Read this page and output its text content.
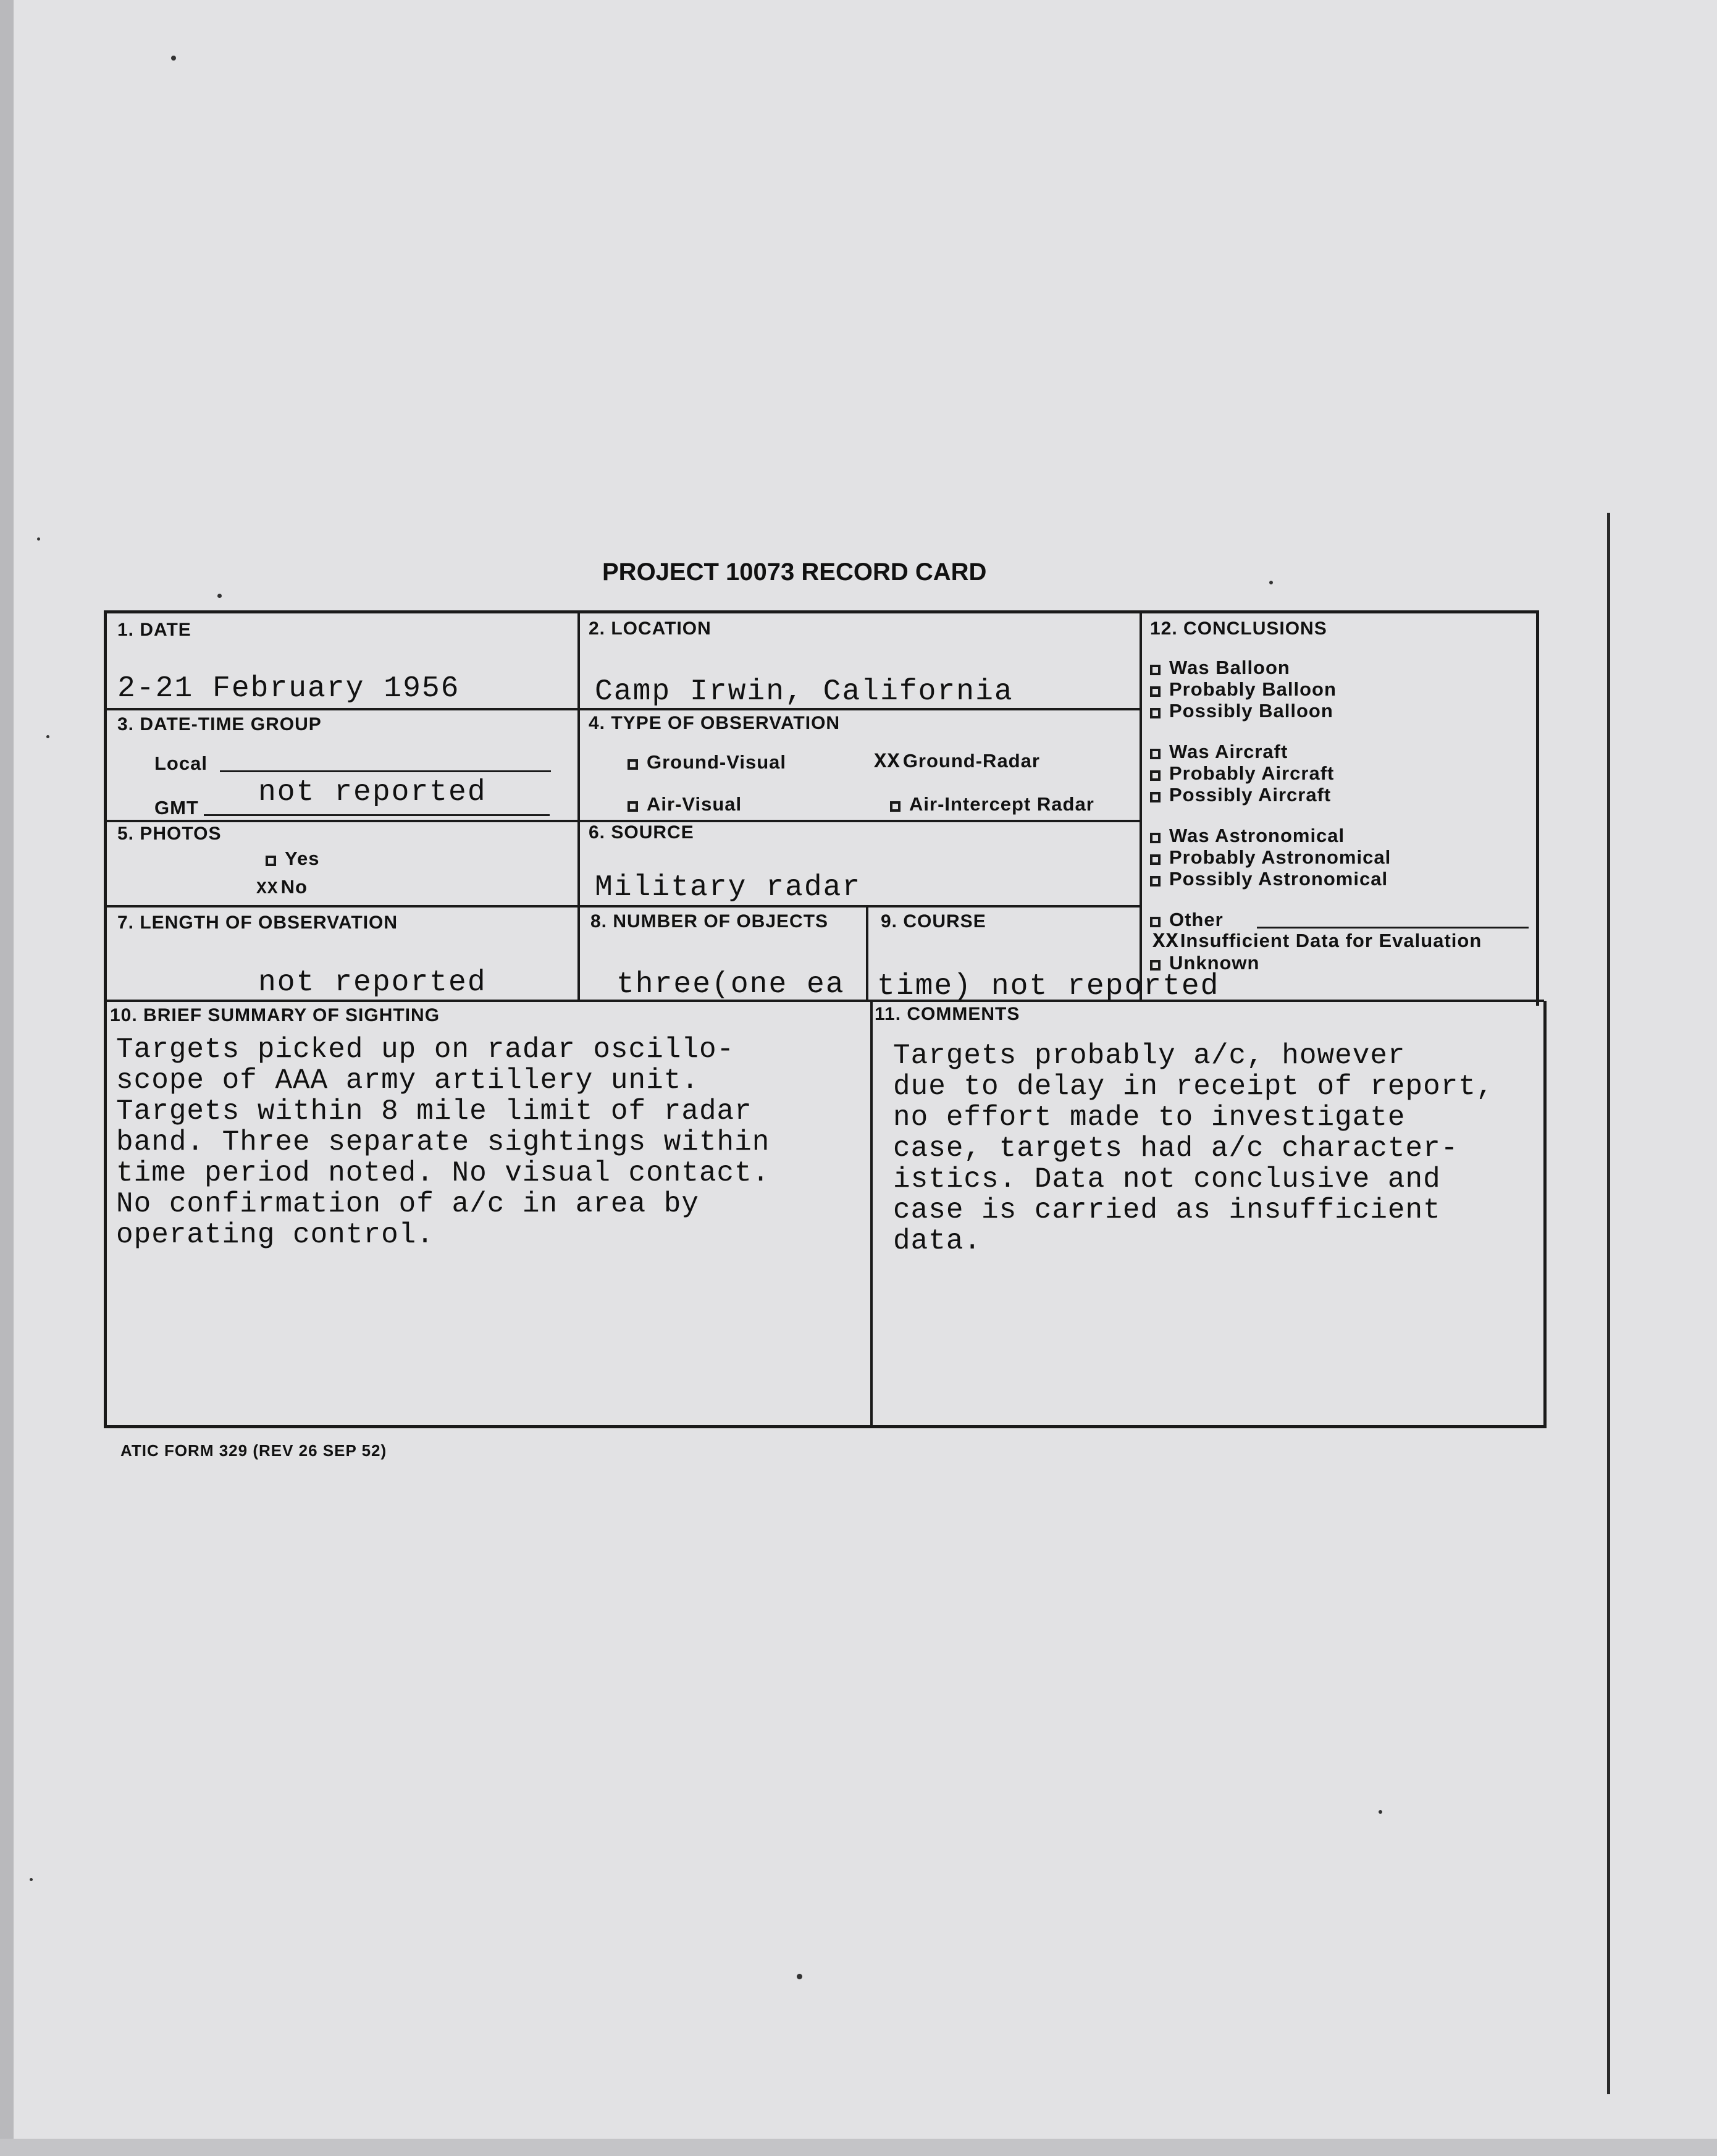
PROJECT 10073 RECORD CARD
1. DATE
2-21 February 1956
2. LOCATION
Camp Irwin, California
3. DATE-TIME GROUP
Local
GMT not reported
4. TYPE OF OBSERVATION
Ground-Visual	XX Ground-Radar
Air-Visual	Air-Intercept Radar
5. PHOTOS
Yes
XX No
6. SOURCE
Military radar
7. LENGTH OF OBSERVATION
not reported
8. NUMBER OF OBJECTS
three(one ea
9. COURSE
time) not reported
12. CONCLUSIONS
Was Balloon
Probably Balloon
Possibly Balloon
Was Aircraft
Probably Aircraft
Possibly Aircraft
Was Astronomical
Probably Astronomical
Possibly Astronomical
Other
XXInsufficient Data for Evaluation
Unknown
10. BRIEF SUMMARY OF SIGHTING
Targets picked up on radar oscillo-
scope of AAA army artillery unit.
Targets within 8 mile limit of radar
band. Three separate sightings within
time period noted. No visual contact.
No confirmation of a/c in area by
operating control.
11. COMMENTS
Targets probably a/c, however
due to delay in receipt of report,
no effort made to investigate
case, targets had a/c character-
istics. Data not conclusive and
case is carried as insufficient
data.
ATIC FORM 329 (REV 26 SEP 52)
